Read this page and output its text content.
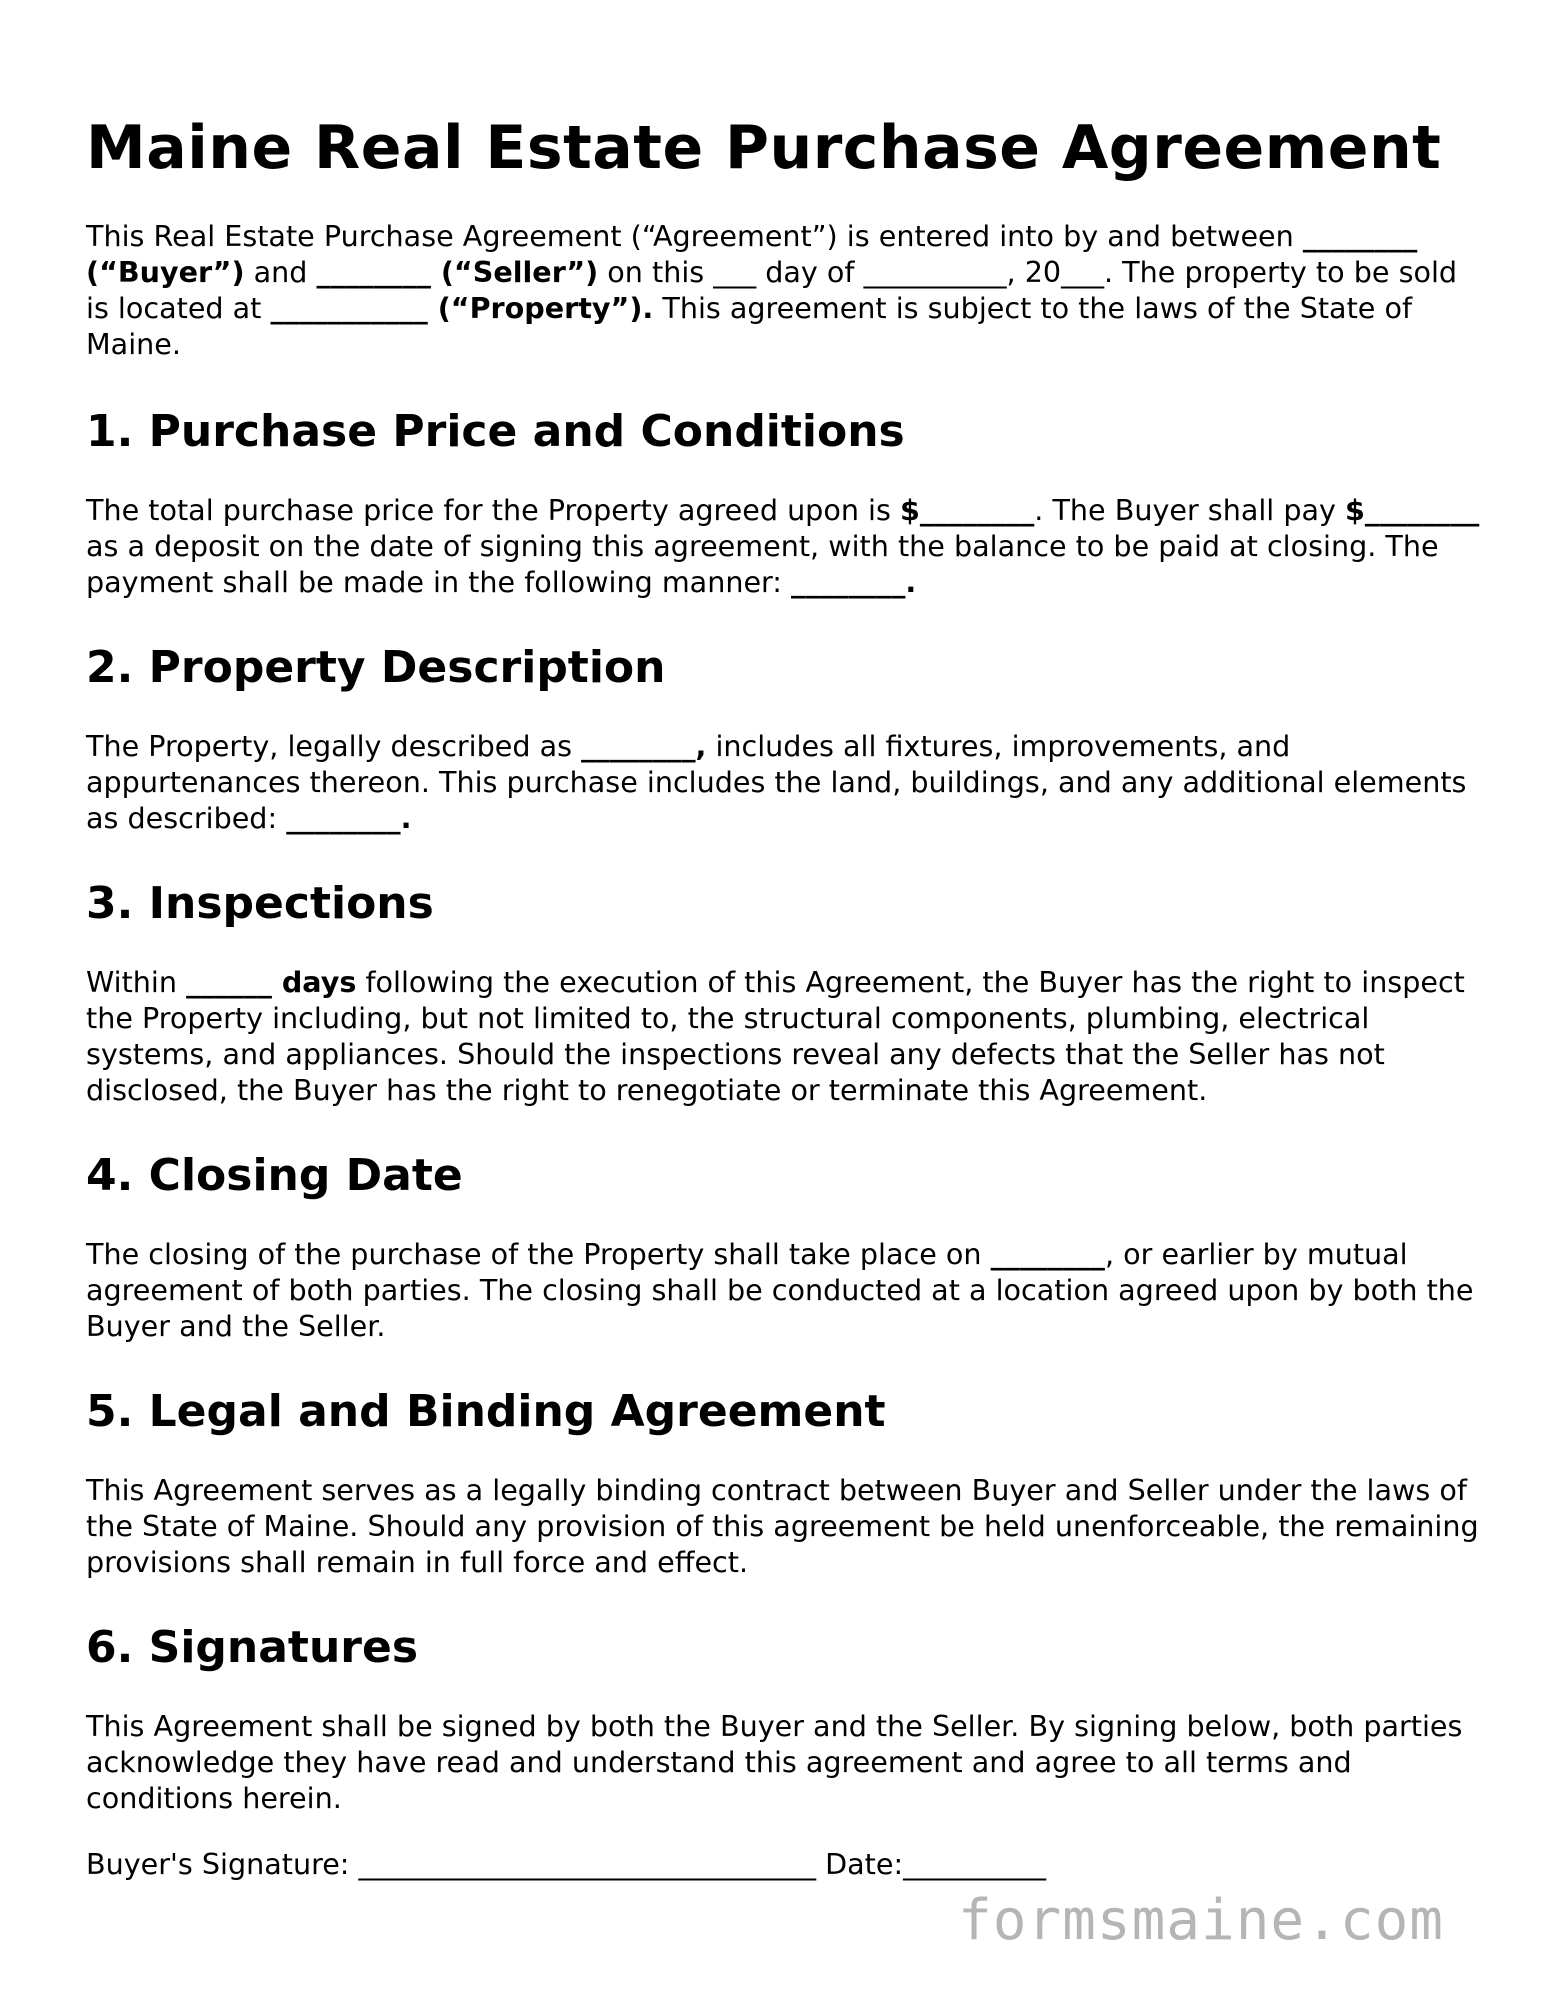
Maine Real Estate Purchase Agreement

This Real Estate Purchase Agreement (“Agreement”) is entered into by and between ________ (“Buyer”) and ________ (“Seller”) on this ___ day of __________, 20___. The property to be sold is located at ___________ (“Property”). This agreement is subject to the laws of the State of Maine.

1. Purchase Price and Conditions

The total purchase price for the Property agreed upon is $________. The Buyer shall pay $________ as a deposit on the date of signing this agreement, with the balance to be paid at closing. The payment shall be made in the following manner: ________.

2. Property Description

The Property, legally described as ________, includes all fixtures, improvements, and appurtenances thereon. This purchase includes the land, buildings, and any additional elements as described: ________.

3. Inspections

Within ______ days following the execution of this Agreement, the Buyer has the right to inspect the Property including, but not limited to, the structural components, plumbing, electrical systems, and appliances. Should the inspections reveal any defects that the Seller has not disclosed, the Buyer has the right to renegotiate or terminate this Agreement.

4. Closing Date

The closing of the purchase of the Property shall take place on ________, or earlier by mutual agreement of both parties. The closing shall be conducted at a location agreed upon by both the Buyer and the Seller.

5. Legal and Binding Agreement

This Agreement serves as a legally binding contract between Buyer and Seller under the laws of the State of Maine. Should any provision of this agreement be held unenforceable, the remaining provisions shall remain in full force and effect.

6. Signatures

This Agreement shall be signed by both the Buyer and the Seller. By signing below, both parties acknowledge they have read and understand this agreement and agree to all terms and conditions herein.

Buyer's Signature: ________________________________ Date:__________
formsmaine.com
